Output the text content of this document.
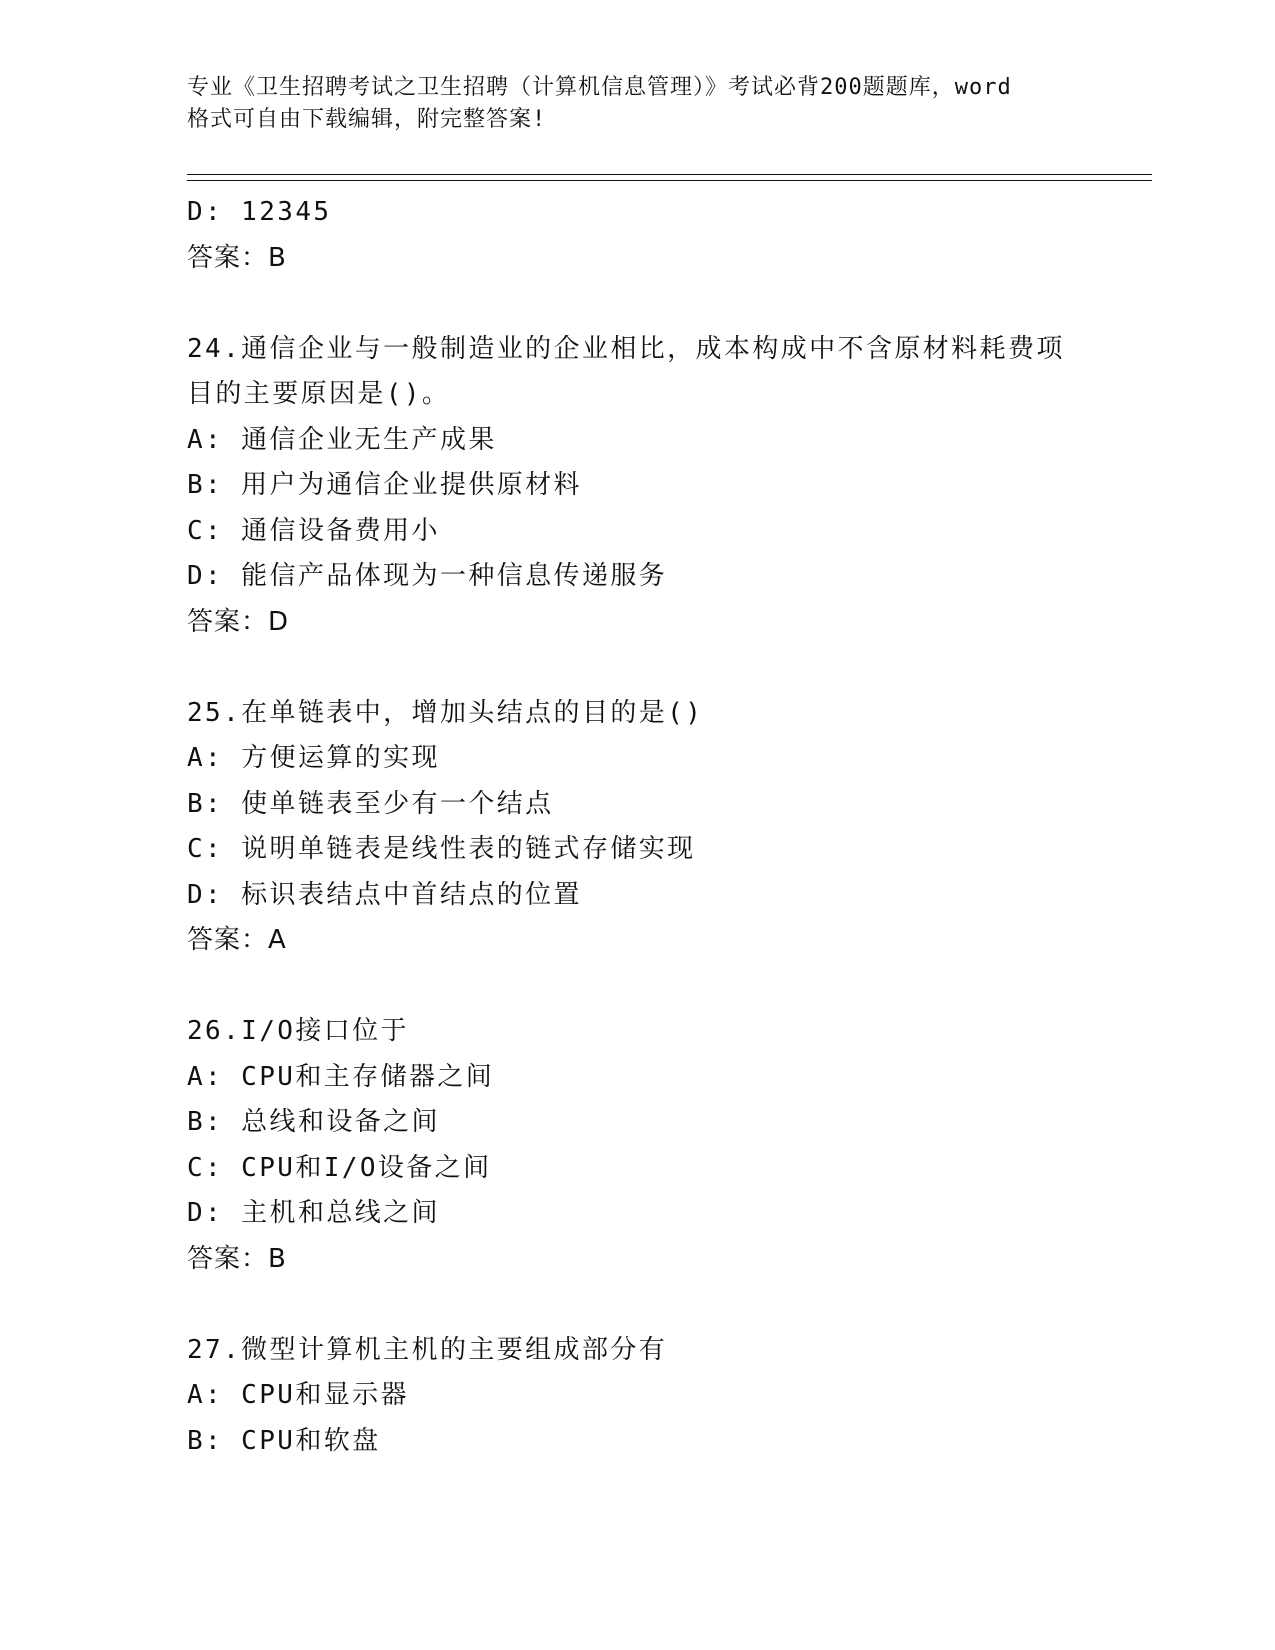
专业《卫生招聘考试之卫生招聘（计算机信息管理）》考试必背200题题库，word
格式可自由下载编辑，附完整答案!
D: 12345
答案：B
24.通信企业与一般制造业的企业相比，成本构成中不含原材料耗费项
目的主要原因是()。
A: 通信企业无生产成果
B: 用户为通信企业提供原材料
C: 通信设备费用小
D: 能信产品体现为一种信息传递服务
答案：D
25.在单链表中，增加头结点的目的是()
A: 方便运算的实现
B: 使单链表至少有一个结点
C: 说明单链表是线性表的链式存储实现
D: 标识表结点中首结点的位置
答案：A
26.I/O接口位于
A: CPU和主存储器之间
B: 总线和设备之间
C: CPU和I/O设备之间
D: 主机和总线之间
答案：B
27.微型计算机主机的主要组成部分有
A: CPU和显示器
B: CPU和软盘
